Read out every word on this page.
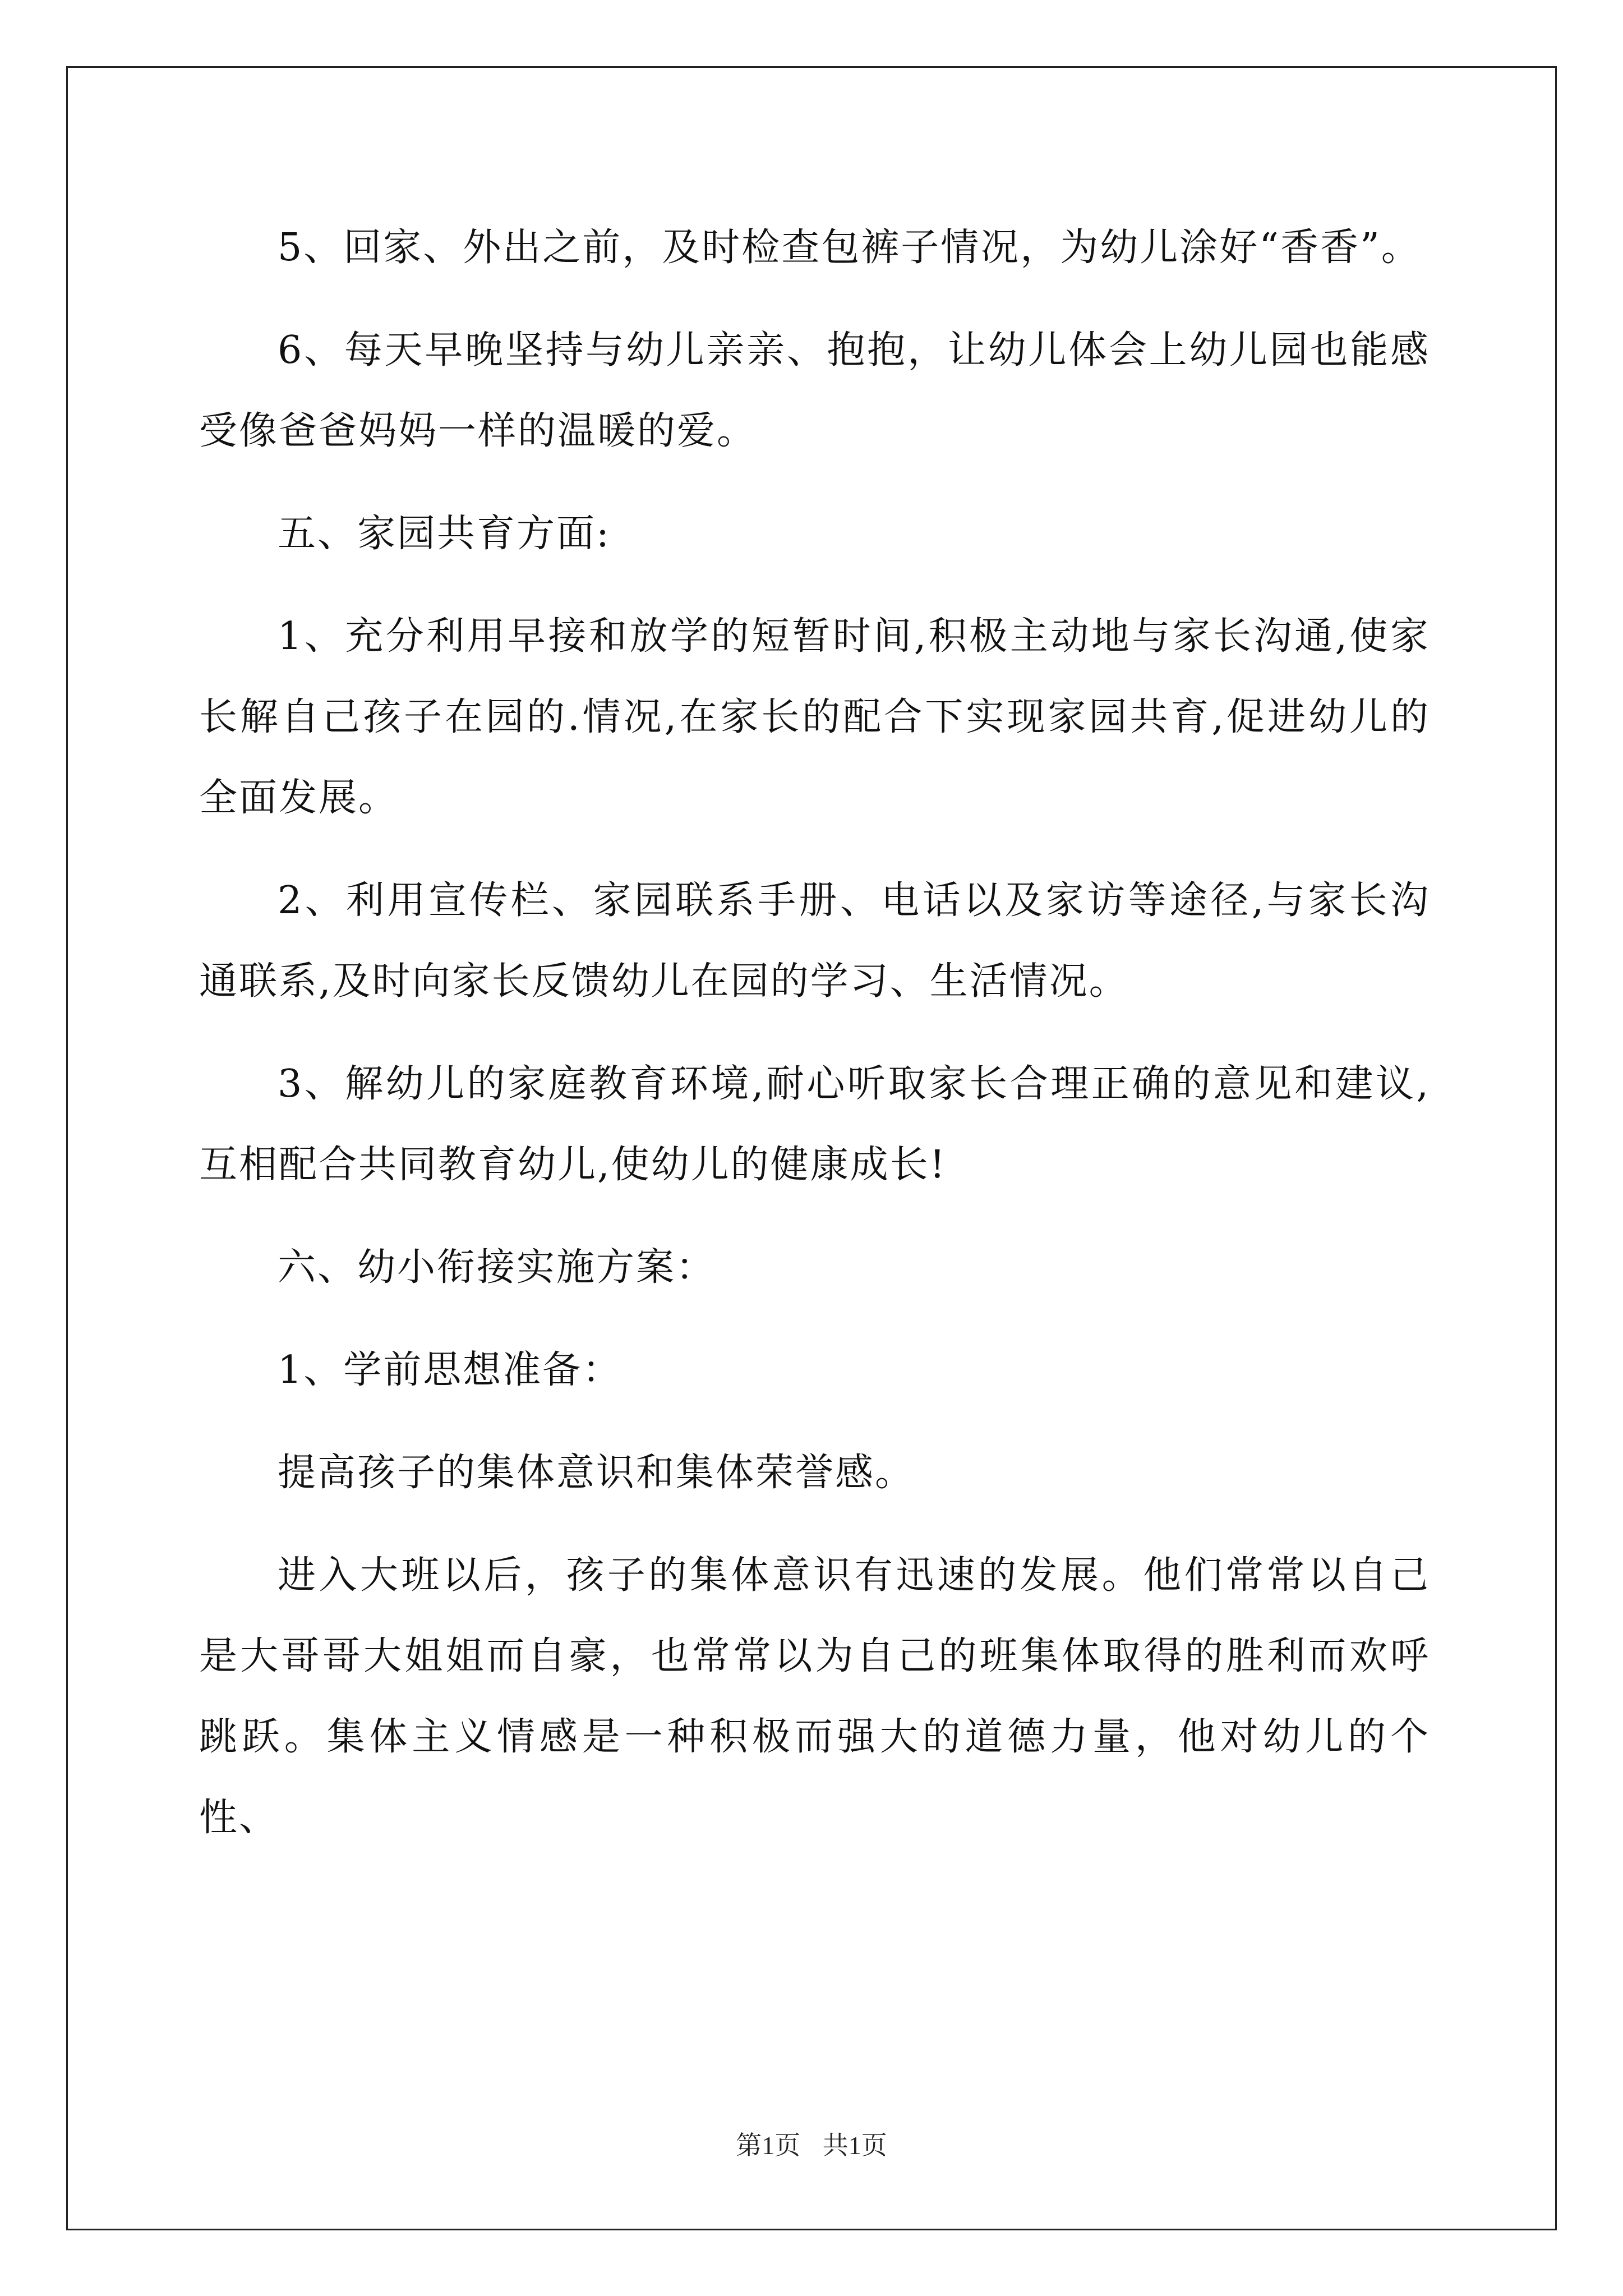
5、回家、外出之前，及时检查包裤子情况，为幼儿涂好“香香”。

6、每天早晚坚持与幼儿亲亲、抱抱，让幼儿体会上幼儿园也能感受像爸爸妈妈一样的温暖的爱。

五、家园共育方面:

1、充分利用早接和放学的短暂时间,积极主动地与家长沟通,使家长解自己孩子在园的.情况,在家长的配合下实现家园共育,促进幼儿的全面发展。

2、利用宣传栏、家园联系手册、电话以及家访等途径,与家长沟通联系,及时向家长反馈幼儿在园的学习、生活情况。

3、解幼儿的家庭教育环境,耐心听取家长合理正确的意见和建议,互相配合共同教育幼儿,使幼儿的健康成长!

六、幼小衔接实施方案：

1、学前思想准备：

提高孩子的集体意识和集体荣誉感。

进入大班以后，孩子的集体意识有迅速的发展。他们常常以自己是大哥哥大姐姐而自豪，也常常以为自己的班集体取得的胜利而欢呼跳跃。集体主义情感是一种积极而强大的道德力量，他对幼儿的个性、

第1页 共1页
